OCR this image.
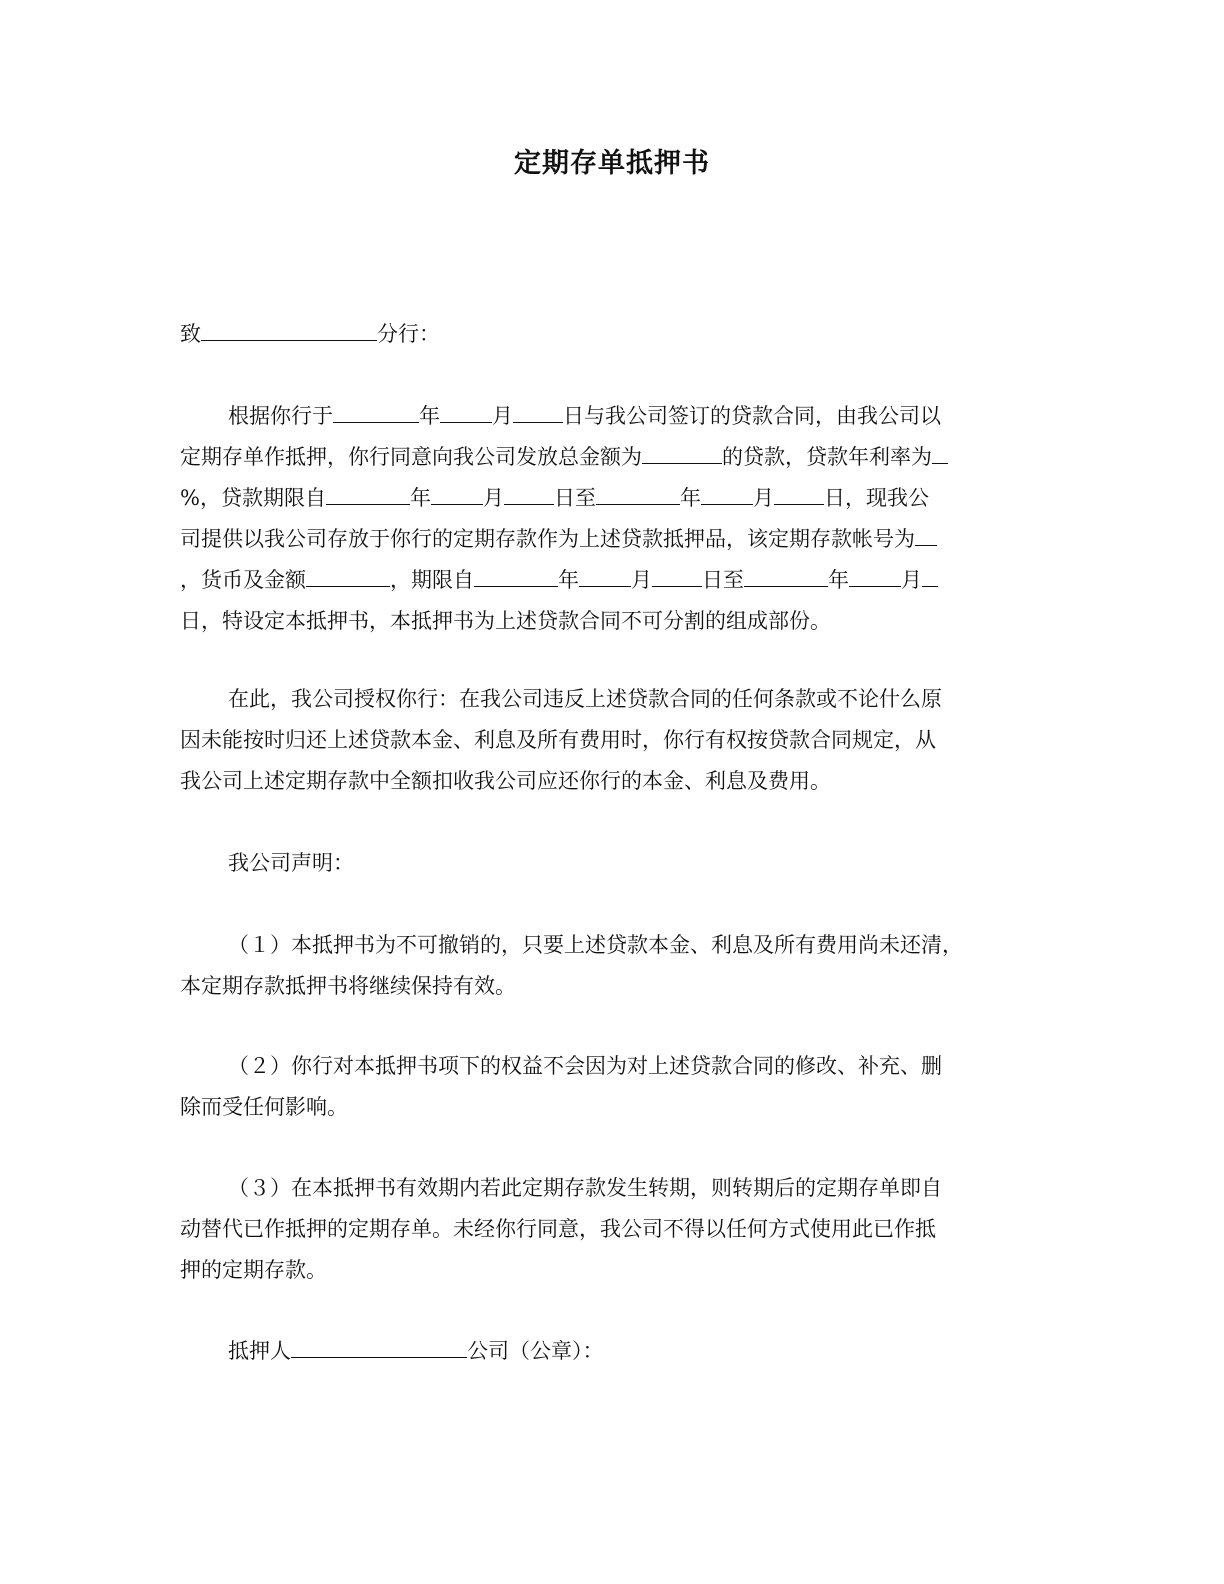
定期存单抵押书
致	分行：
根据你行于	年 月 日与我公司签订的贷款合同，由我公司以
定期存单作抵押，你行同意向我公司发放总金额为	的贷款，贷款年利率为
%，贷款期限自	年 月 日至	年 月 日，现我公
司提供以我公司存放于你行的定期存款作为上述贷款抵押品，该定期存款帐号为
，货币及金额	，期限自	年 月 日至	年 月
日，特设定本抵押书，本抵押书为上述贷款合同不可分割的组成部份。
在此，我公司授权你行：在我公司违反上述贷款合同的任何条款或不论什么原
因未能按时归还上述贷款本金、利息及所有费用时，你行有权按贷款合同规定，从
我公司上述定期存款中全额扣收我公司应还你行的本金、利息及费用。
我公司声明：
（１）本抵押书为不可撤销的，只要上述贷款本金、利息及所有费用尚未还清，
本定期存款抵押书将继续保持有效。
（２）你行对本抵押书项下的权益不会因为对上述贷款合同的修改、补充、删
除而受任何影响。
（３）在本抵押书有效期内若此定期存款发生转期，则转期后的定期存单即自
动替代已作抵押的定期存单。未经你行同意，我公司不得以任何方式使用此已作抵
押的定期存款。
抵押人	公司（公章）：
